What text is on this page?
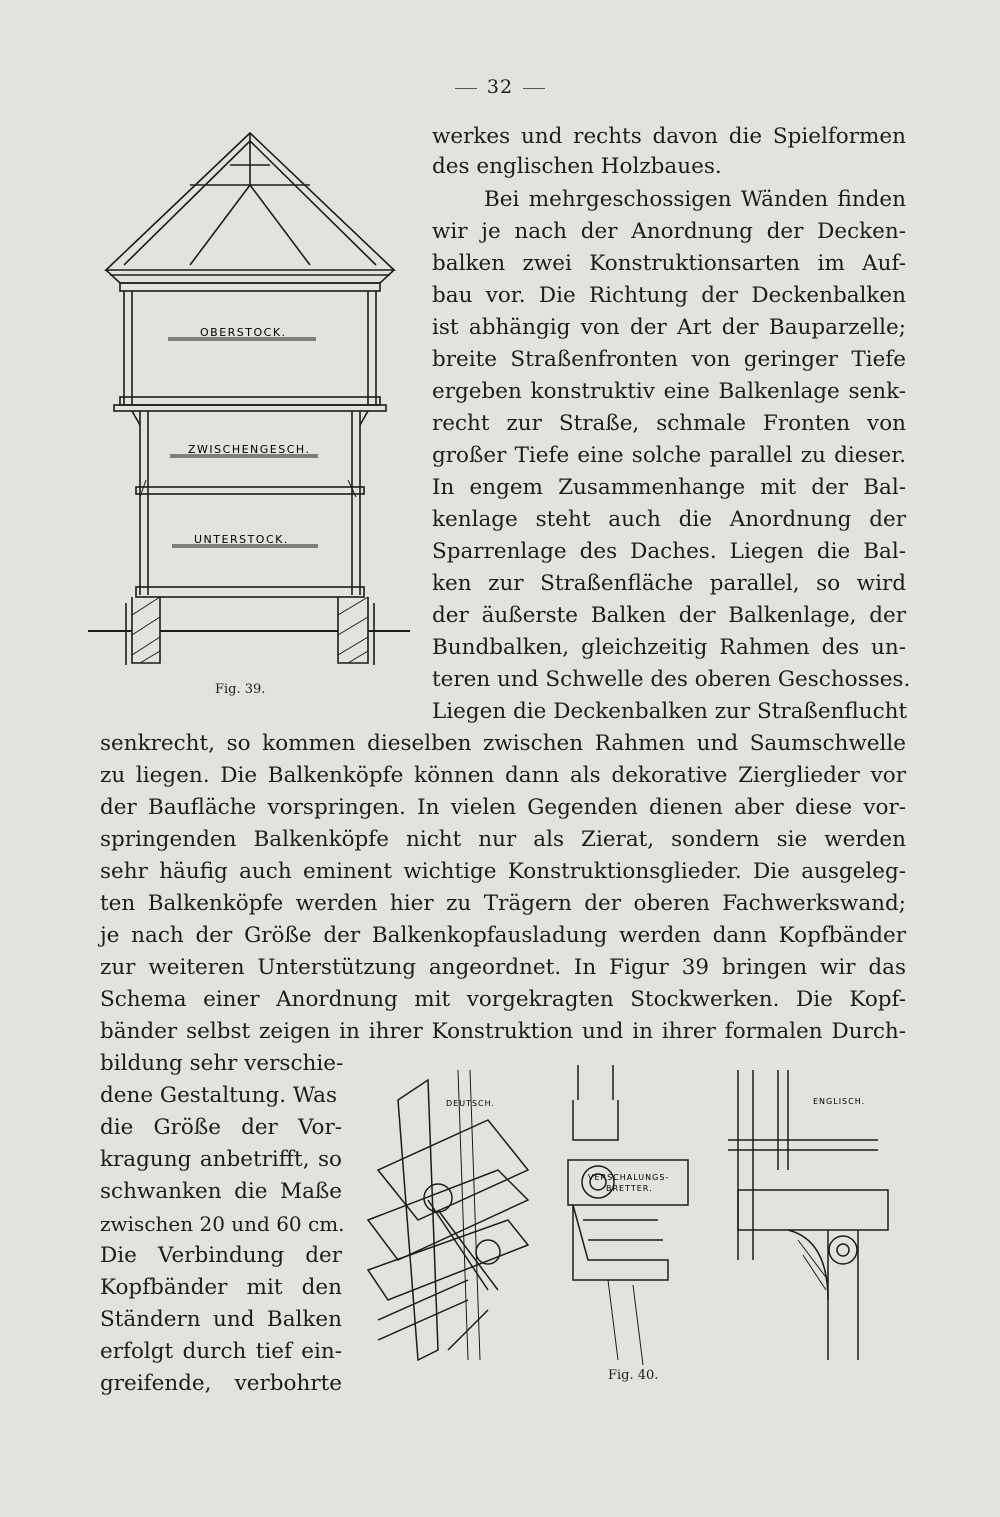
32
werkes und rechts davon die Spielformen
des englischen Holzbaues.
Bei mehrgeschossigen Wänden finden
wir je nach der Anordnung der Decken-
balken zwei Konstruktionsarten im Auf-
bau vor. Die Richtung der Deckenbalken
ist abhängig von der Art der Bauparzelle;
breite Straßenfronten von geringer Tiefe
ergeben konstruktiv eine Balkenlage senk-
recht zur Straße, schmale Fronten von
großer Tiefe eine solche parallel zu dieser.
In engem Zusammenhange mit der Bal-
kenlage steht auch die Anordnung der
Sparrenlage des Daches. Liegen die Bal-
ken zur Straßenfläche parallel, so wird
der äußerste Balken der Balkenlage, der
Bundbalken, gleichzeitig Rahmen des un-
teren und Schwelle des oberen Geschosses.
Liegen die Deckenbalken zur Straßenflucht
senkrecht, so kommen dieselben zwischen Rahmen und Saumschwelle
zu liegen. Die Balkenköpfe können dann als dekorative Zierglieder vor
der Baufläche vorspringen. In vielen Gegenden dienen aber diese vor-
springenden Balkenköpfe nicht nur als Zierat, sondern sie werden
sehr häufig auch eminent wichtige Konstruktionsglieder. Die ausgeleg-
ten Balkenköpfe werden hier zu Trägern der oberen Fachwerkswand;
je nach der Größe der Balkenkopfausladung werden dann Kopfbänder
zur weiteren Unterstützung angeordnet. In Figur 39 bringen wir das
Schema einer Anordnung mit vorgekragten Stockwerken. Die Kopf-
bänder selbst zeigen in ihrer Konstruktion und in ihrer formalen Durch-
bildung sehr verschie-
dene Gestaltung. Was
die Größe der Vor-
kragung anbetrifft, so
schwanken die Maße
zwischen 20 und 60 cm.
Die Verbindung der
Kopfbänder mit den
Ständern und Balken
erfolgt durch tief ein-
greifende, verbohrte
OBERSTOCK.
ZWISCHENGESCH.
UNTERSTOCK.
Fig. 39.
DEUTSCH.
VERSCHALUNGS-
BRETTER.
ENGLISCH.
Fig. 40.
